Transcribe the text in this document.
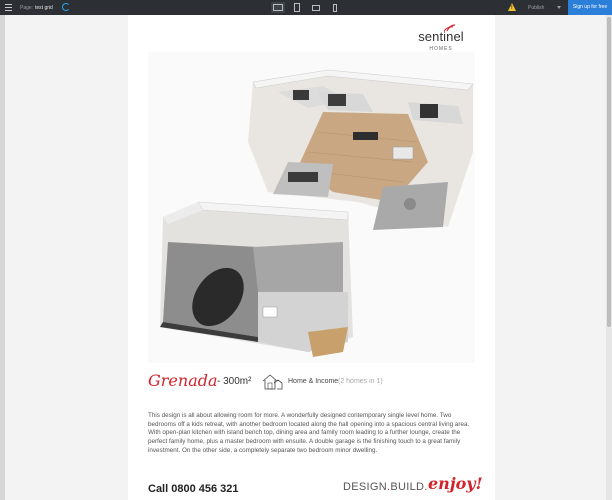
Page: test grid	!	Publish	Sign up for free
sentinel
HOMES
Grenada - 300m²	Home & Income (2 homes in 1)

This design is all about allowing room for more. A wonderfully designed contemporary single level home. Two bedrooms off a kids retreat, with another bedroom located along the hall opening into a spacious central living area. With open-plan kitchen with island bench top, dining area and family room leading to a further lounge, create the perfect family home, plus a master bedroom with ensuite. A double garage is the finishing touch to a great family investment. On the other side, a completely separate two bedroom minor dwelling.

Call 0800 456 321	DESIGN.BUILD. enjoy!
